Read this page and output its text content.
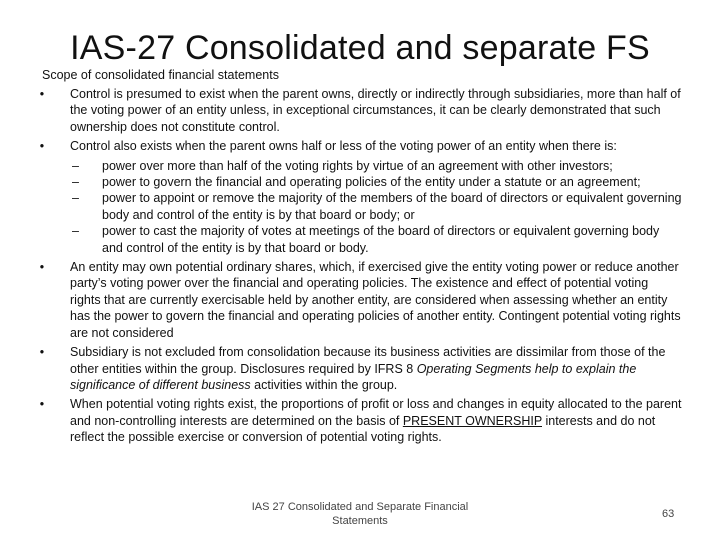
IAS-27 Consolidated and separate FS
Scope of consolidated financial statements
•	Control is presumed to exist when the parent owns, directly or indirectly through subsidiaries, more than half of the voting power of an entity unless, in exceptional circumstances, it can be clearly demonstrated that such ownership does not constitute control.
•	Control also exists when the parent owns half or less of the voting power of an entity when there is:
– power over more than half of the voting rights by virtue of an agreement with other investors;
– power to govern the financial and operating policies of the entity under a statute or an agreement;
– power to appoint or remove the majority of the members of the board of directors or equivalent governing body and control of the entity is by that board or body; or
– power to cast the majority of votes at meetings of the board of directors or equivalent governing body and control of the entity is by that board or body.
•	An entity may own potential ordinary shares, which, if exercised give the entity voting power or reduce another party’s voting power over the financial and operating policies. The existence and effect of potential voting rights that are currently exercisable held by another entity, are considered when assessing whether an entity has the power to govern the financial and operating policies of another entity. Contingent potential voting rights are not considered
•	Subsidiary is not excluded from consolidation because its business activities are dissimilar from those of the other entities within the group. Disclosures required by IFRS 8 Operating Segments help to explain the significance of different business activities within the group.
•	When potential voting rights exist, the proportions of profit or loss and changes in equity allocated to the parent and non-controlling interests are determined on the basis of PRESENT OWNERSHIP interests and do not reflect the possible exercise or conversion of potential voting rights.
IAS 27 Consolidated and Separate Financial Statements
63
